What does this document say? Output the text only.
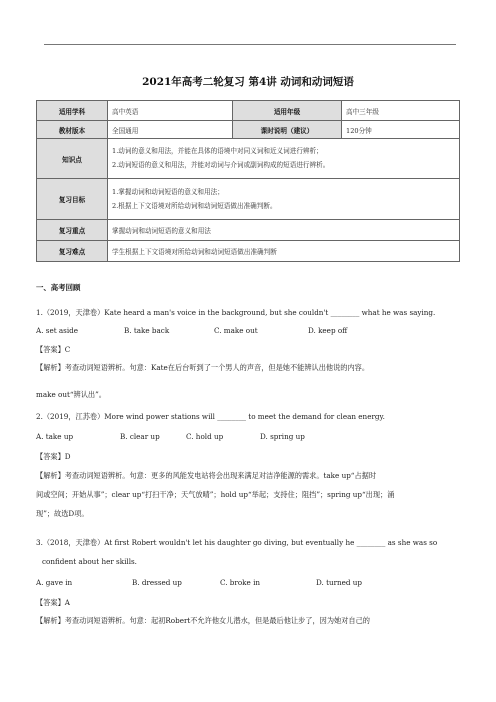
2021年高考二轮复习 第4讲 动词和动词短语
适用学科	高中英语	适用年级	高中三年级
教材版本	全国通用	课时说明（建议）	120分钟
知识点	1.动词的意义和用法，并能在具体的语境中对同义词和近义词进行辨析；
2.动词短语的意义和用法，并能对动词与介词或副词构成的短语进行辨析。		

复习目标	1.掌握动词和动词短语的意义和用法；
2.根据上下文语境对所给动词和动词短语做出准确判断。		

复习重点	掌握动词和动词短语的意义和用法		
复习难点	学生根据上下文语境对所给动词和动词短语做出准确判断		
一、高考回顾
1.（2019，天津卷）Kate heard a man's voice in the background, but she couldn't ________ what he was saying.
A. set aside	B. take back	C. make out	D. keep off
【答案】C
【解析】考查动词短语辨析。句意：Kate在后台听到了一个男人的声音，但是她不能辨认出他说的内容。
make out“辨认出”。
2.（2019，江苏卷）More wind power stations will ________ to meet the demand for clean energy.
A. take up	B. clear up	C. hold up	D. spring up
【答案】D
【解析】考查动词短语辨析。句意：更多的风能发电站将会出现来满足对洁净能源的需求。take up“占据时
间或空间；开始从事”；clear up“打扫干净；天气放晴”；hold up“举起；支持住；阻挡”；spring up“出现；涌
现”；故选D项。
3.（2018，天津卷）At first Robert wouldn't let his daughter go diving, but eventually he ________ as she was so
confident about her skills.
A. gave in	B. dressed up	C. broke in	D. turned up
【答案】A
【解析】考查动词短语辨析。句意：起初Robert不允许他女儿潜水，但是最后他让步了，因为她对自己的
